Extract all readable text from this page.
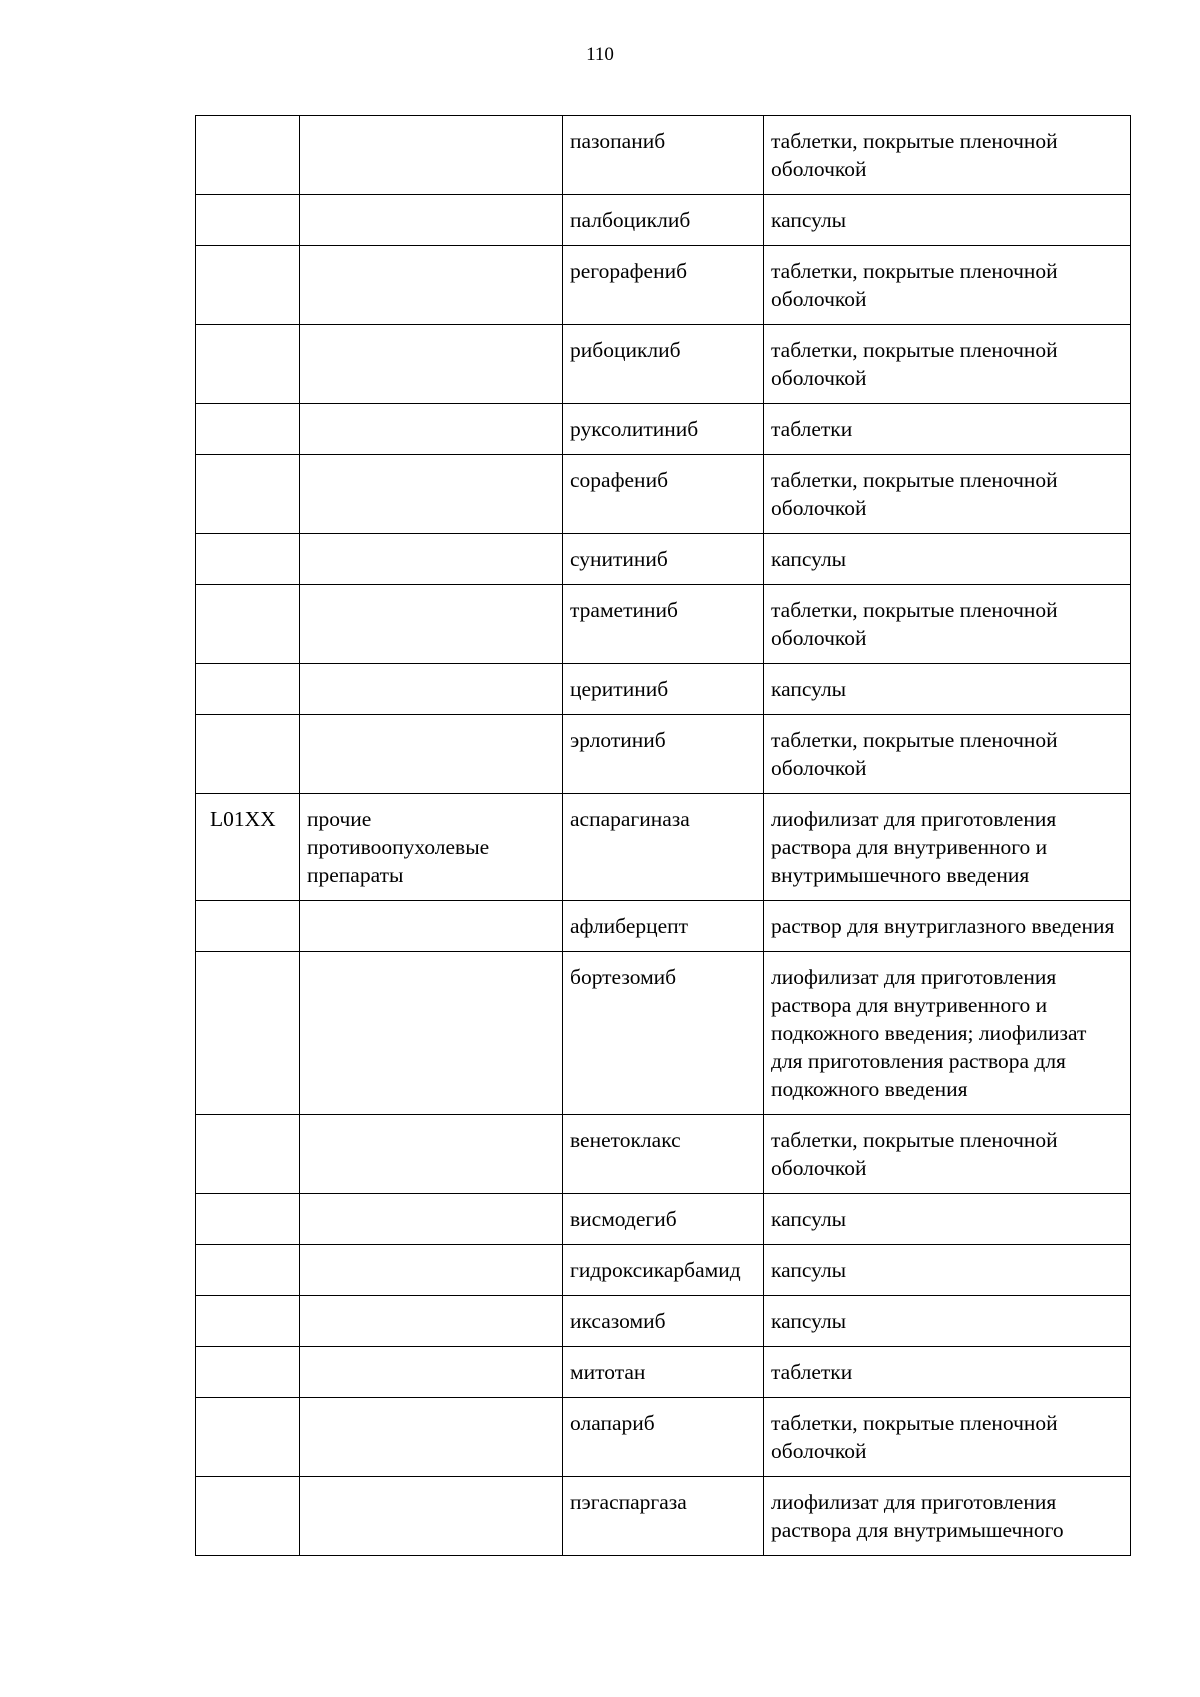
110
		пазопаниб	таблетки, покрытые пленочной оболочкой
		палбоциклиб	капсулы
		регорафениб	таблетки, покрытые пленочной оболочкой
		рибоциклиб	таблетки, покрытые пленочной оболочкой
		руксолитиниб	таблетки
		сорафениб	таблетки, покрытые пленочной оболочкой
		сунитиниб	капсулы
		траметиниб	таблетки, покрытые пленочной оболочкой
		церитиниб	капсулы
		эрлотиниб	таблетки, покрытые пленочной оболочкой
L01XX	прочие противоопухолевые препараты	аспарагиназа	лиофилизат для приготовления раствора для внутривенного и внутримышечного введения
		афлиберцепт	раствор для внутриглазного введения
		бортезомиб	лиофилизат для приготовления раствора для внутривенного и подкожного введения; лиофилизат для приготовления раствора для подкожного введения
		венетоклакс	таблетки, покрытые пленочной оболочкой
		висмодегиб	капсулы
		гидроксикарбамид	капсулы
		иксазомиб	капсулы
		митотан	таблетки
		олапариб	таблетки, покрытые пленочной оболочкой
		пэгаспаргаза	лиофилизат для приготовления раствора для внутримышечного
